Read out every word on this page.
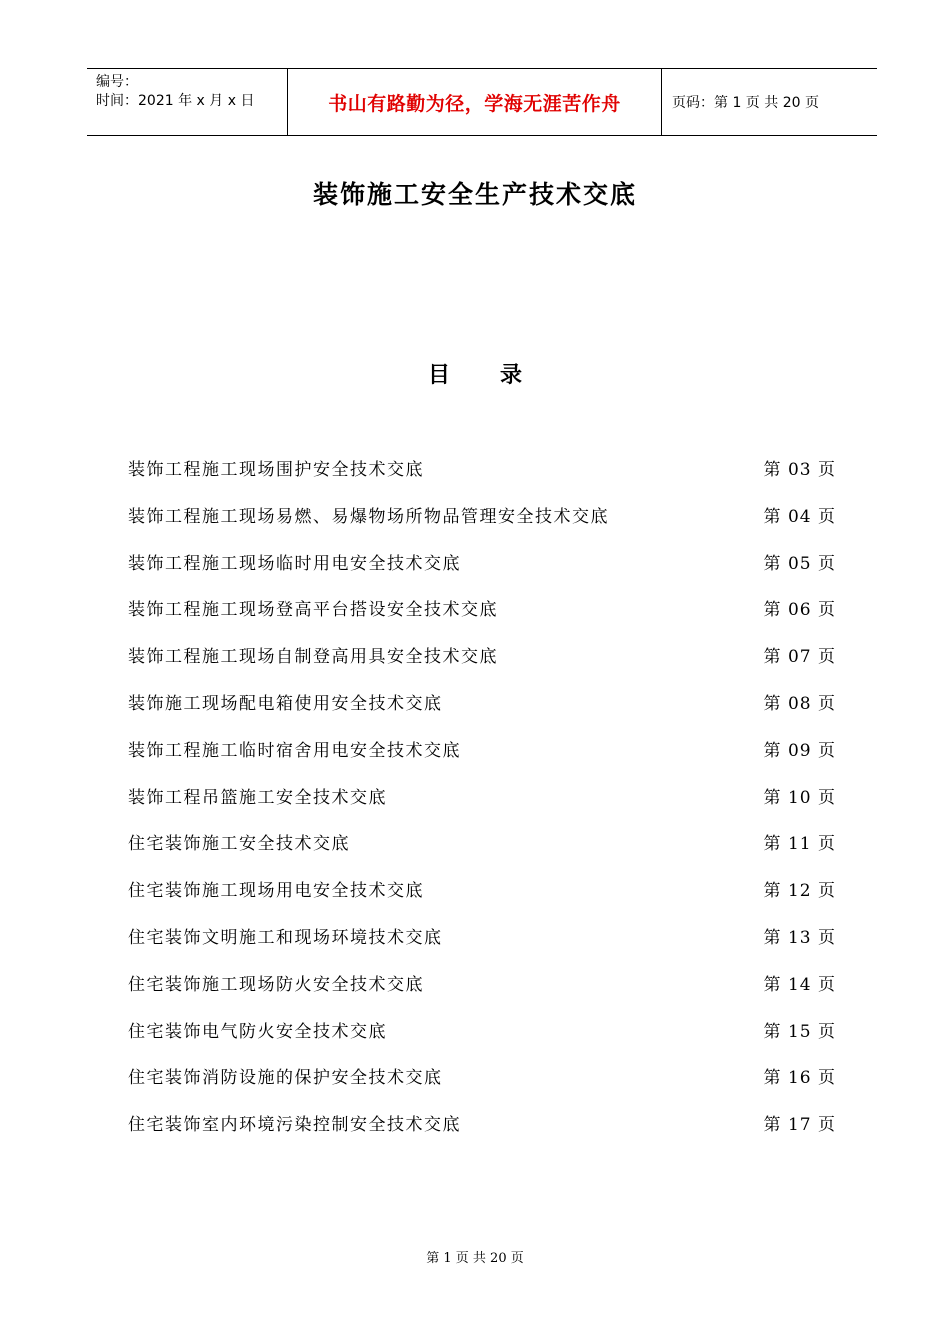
编号：
时间：2021 年 x 月 x 日	书山有路勤为径，学海无涯苦作舟	页码：第 1 页 共 20 页
装饰施工安全生产技术交底
目 录
装饰工程施工现场围护安全技术交底	第 03 页
装饰工程施工现场易燃、易爆物场所物品管理安全技术交底	第 04 页
装饰工程施工现场临时用电安全技术交底	第 05 页
装饰工程施工现场登高平台搭设安全技术交底	第 06 页
装饰工程施工现场自制登高用具安全技术交底	第 07 页
装饰施工现场配电箱使用安全技术交底	第 08 页
装饰工程施工临时宿舍用电安全技术交底	第 09 页
装饰工程吊篮施工安全技术交底	第 10 页
住宅装饰施工安全技术交底	第 11 页
住宅装饰施工现场用电安全技术交底	第 12 页
住宅装饰文明施工和现场环境技术交底	第 13 页
住宅装饰施工现场防火安全技术交底	第 14 页
住宅装饰电气防火安全技术交底	第 15 页
住宅装饰消防设施的保护安全技术交底	第 16 页
住宅装饰室内环境污染控制安全技术交底	第 17 页
第 1 页 共 20 页
